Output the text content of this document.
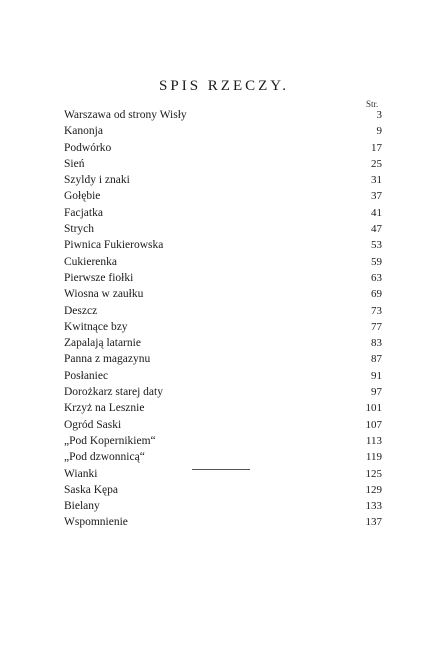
SPIS RZECZY.
Str.
Warszawa od strony Wisły	3
Kanonja	9
Podwórko	17
Sień	25
Szyldy i znaki	31
Gołębie	37
Facjatka	41
Strych	47
Piwnica Fukierowska	53
Cukierenka	59
Pierwsze fiołki	63
Wiosna w zaułku	69
Deszcz	73
Kwitnące bzy	77
Zapalają latarnie	83
Panna z magazynu	87
Posłaniec	91
Dorożkarz starej daty	97
Krzyż na Lesznie	101
Ogród Saski	107
„Pod Kopernikiem“	113
„Pod dzwonnicą“	119
Wianki	125
Saska Kępa	129
Bielany	133
Wspomnienie	137
